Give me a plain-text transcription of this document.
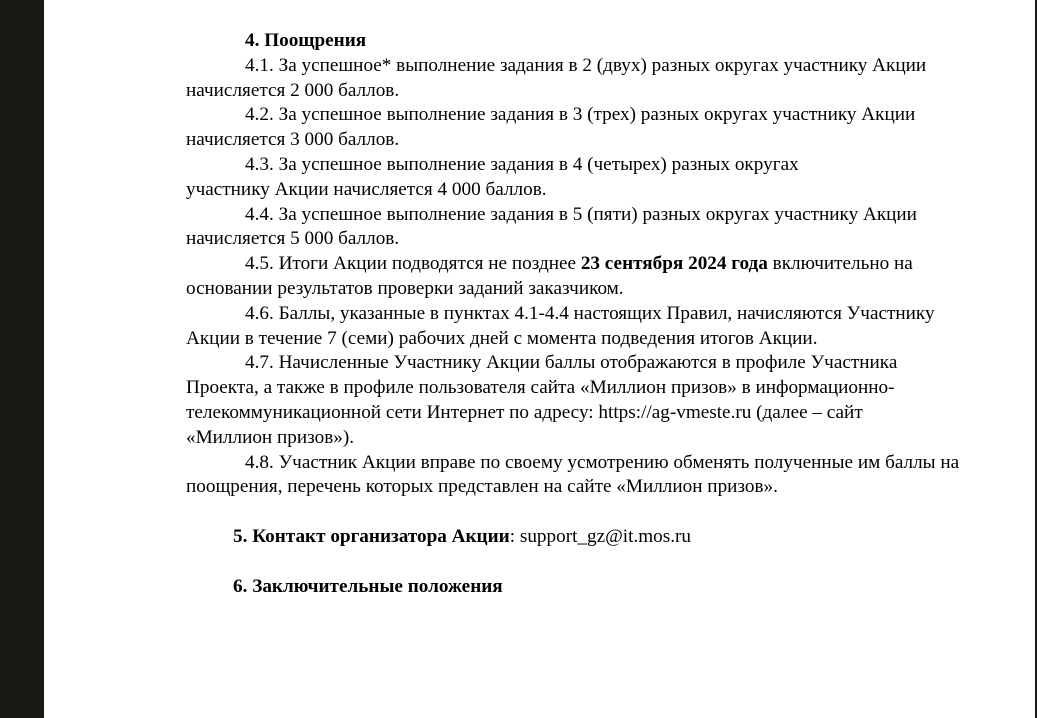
4. Поощрения

4.1. За успешное* выполнение задания в 2 (двух) разных округах участнику Акции начисляется 2 000 баллов.

4.2. За успешное выполнение задания в 3 (трех) разных округах участнику Акции начисляется 3 000 баллов.

4.3. За успешное выполнение задания в 4 (четырех) разных округах участнику Акции начисляется 4 000 баллов.

4.4. За успешное выполнение задания в 5 (пяти) разных округах участнику Акции начисляется 5 000 баллов.

4.5. Итоги Акции подводятся не позднее 23 сентября 2024 года включительно на основании результатов проверки заданий заказчиком.

4.6. Баллы, указанные в пунктах 4.1-4.4 настоящих Правил, начисляются Участнику Акции в течение 7 (семи) рабочих дней с момента подведения итогов Акции.

4.7. Начисленные Участнику Акции баллы отображаются в профиле Участника Проекта, а также в профиле пользователя сайта «Миллион призов» в информационно-телекоммуникационной сети Интернет по адресу: https://ag-vmeste.ru (далее – сайт «Миллион призов»).

4.8. Участник Акции вправе по своему усмотрению обменять полученные им баллы на поощрения, перечень которых представлен на сайте «Миллион призов».

5. Контакт организатора Акции: support_gz@it.mos.ru

6. Заключительные положения
